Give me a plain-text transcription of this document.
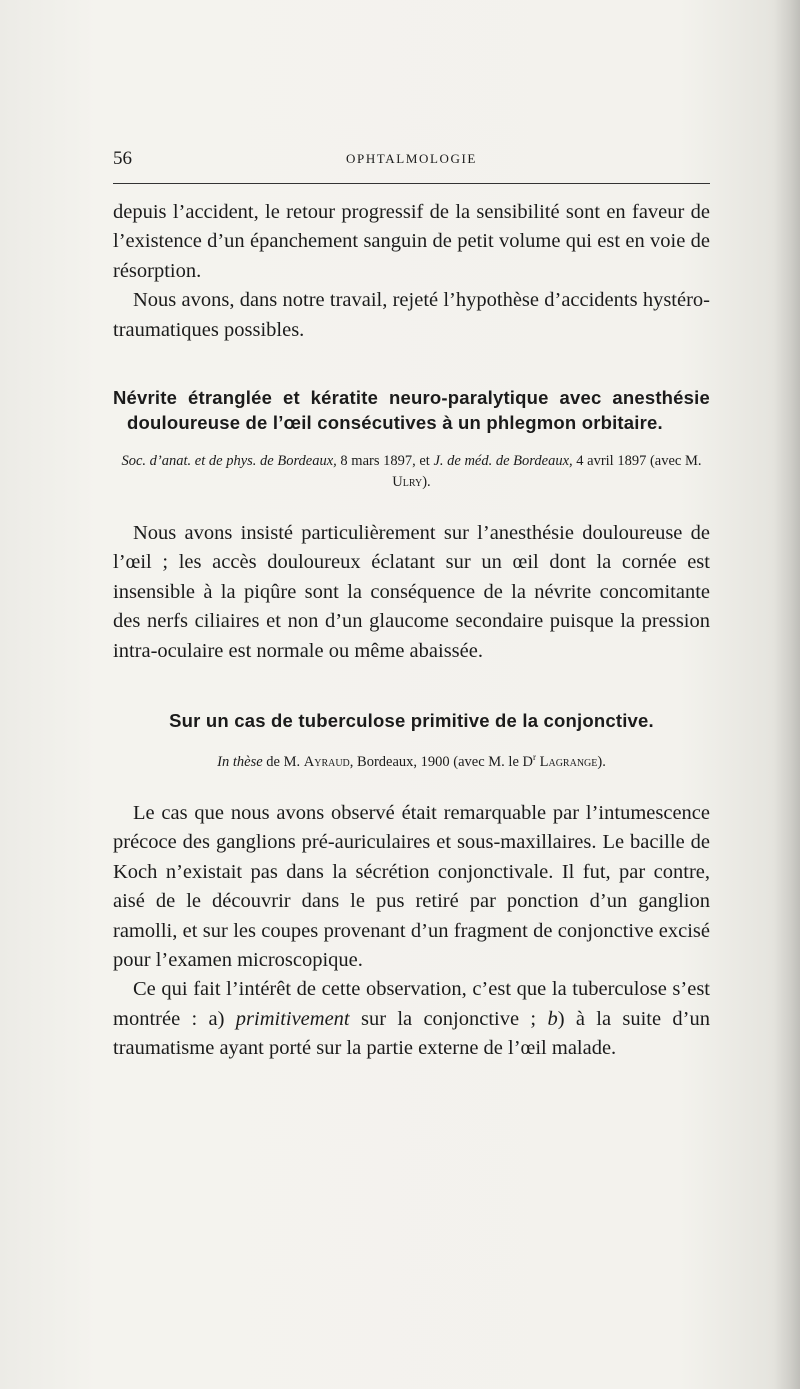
56	OPHTALMOLOGIE

depuis l’accident, le retour progressif de la sensibilité sont en faveur de l’existence d’un épanchement sanguin de petit volume qui est en voie de résorption.

Nous avons, dans notre travail, rejeté l’hypothèse d’accidents hystéro-traumatiques possibles.

Névrite étranglée et kératite neuro-paralytique avec anesthésie douloureuse de l’œil consécutives à un phlegmon orbitaire.
Soc. d’anat. et de phys. de Bordeaux, 8 mars 1897, et J. de méd. de Bordeaux, 4 avril 1897 (avec M. Ulry).

Nous avons insisté particulièrement sur l’anesthésie douloureuse de l’œil ; les accès douloureux éclatant sur un œil dont la cornée est insensible à la piqûre sont la conséquence de la névrite concomitante des nerfs ciliaires et non d’un glaucome secondaire puisque la pression intra-oculaire est normale ou même abaissée.

Sur un cas de tuberculose primitive de la conjonctive.
In thèse de M. Ayraud, Bordeaux, 1900 (avec M. le $D^r$ Lagrange).

Le cas que nous avons observé était remarquable par l’intumescence précoce des ganglions pré-auriculaires et sous-maxillaires. Le bacille de Koch n’existait pas dans la sécrétion conjonctivale. Il fut, par contre, aisé de le découvrir dans le pus retiré par ponction d’un ganglion ramolli, et sur les coupes provenant d’un fragment de conjonctive excisé pour l’examen microscopique.

Ce qui fait l’intérêt de cette observation, c’est que la tuberculose s’est montrée : a) primitivement sur la conjonctive ; b) à la suite d’un traumatisme ayant porté sur la partie externe de l’œil malade.
